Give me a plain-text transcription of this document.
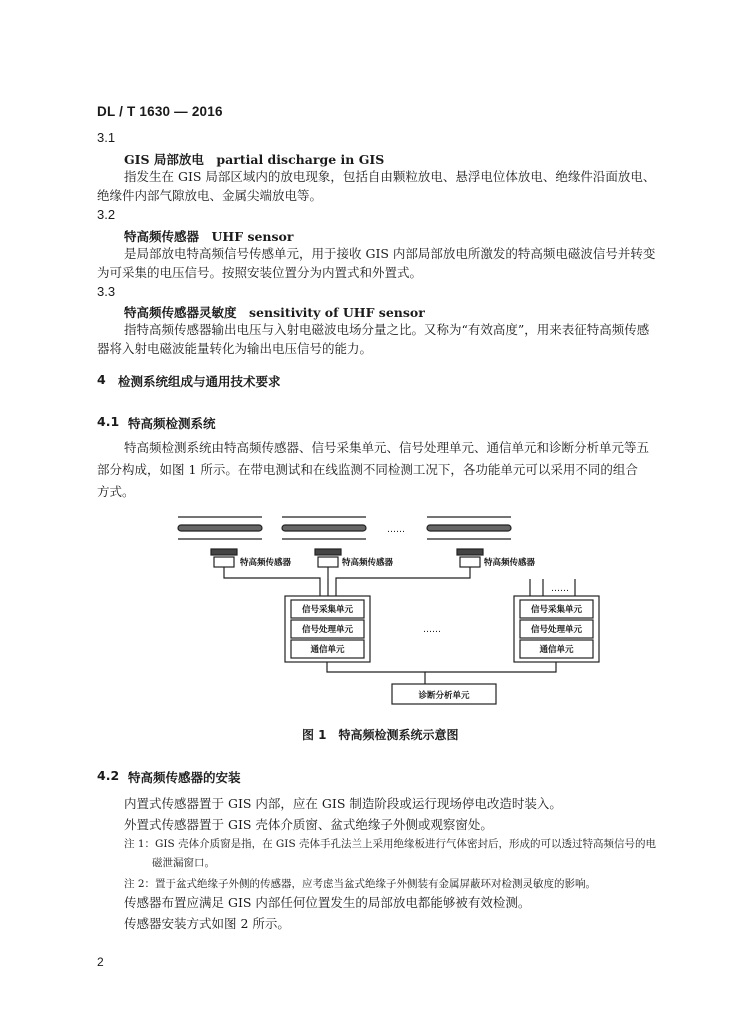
DL / T 1630 — 2016
3.1
GIS 局部放电　partial discharge in GIS
指发生在 GIS 局部区域内的放电现象，包括自由颗粒放电、悬浮电位体放电、绝缘件沿面放电、
绝缘件内部气隙放电、金属尖端放电等。
3.2
特高频传感器　UHF sensor
是局部放电特高频信号传感单元，用于接收 GIS 内部局部放电所激发的特高频电磁波信号并转变
为可采集的电压信号。按照安装位置分为内置式和外置式。
3.3
特高频传感器灵敏度　sensitivity of UHF sensor
指特高频传感器输出电压与入射电磁波电场分量之比。又称为“有效高度”，用来表征特高频传感
器将入射电磁波能量转化为输出电压信号的能力。
4 检测系统组成与通用技术要求
4.1 特高频检测系统
特高频检测系统由特高频传感器、信号采集单元、信号处理单元、通信单元和诊断分析单元等五
部分构成，如图 1 所示。在带电测试和在线监测不同检测工况下，各功能单元可以采用不同的组合
方式。
特高频传感器	特高频传感器	特高频传感器
信号采集单元
信号处理单元
通信单元
信号采集单元
信号处理单元
通信单元
诊断分析单元
……
……
……
图 1　特高频检测系统示意图
4.2 特高频传感器的安装
内置式传感器置于 GIS 内部，应在 GIS 制造阶段或运行现场停电改造时装入。
外置式传感器置于 GIS 壳体介质窗、盆式绝缘子外侧或观察窗处。
注 1：GIS 壳体介质窗是指，在 GIS 壳体手孔法兰上采用绝缘板进行气体密封后，形成的可以透过特高频信号的电
磁泄漏窗口。
注 2：置于盆式绝缘子外侧的传感器，应考虑当盆式绝缘子外侧装有金属屏蔽环对检测灵敏度的影响。
传感器布置应满足 GIS 内部任何位置发生的局部放电都能够被有效检测。
传感器安装方式如图 2 所示。
2
